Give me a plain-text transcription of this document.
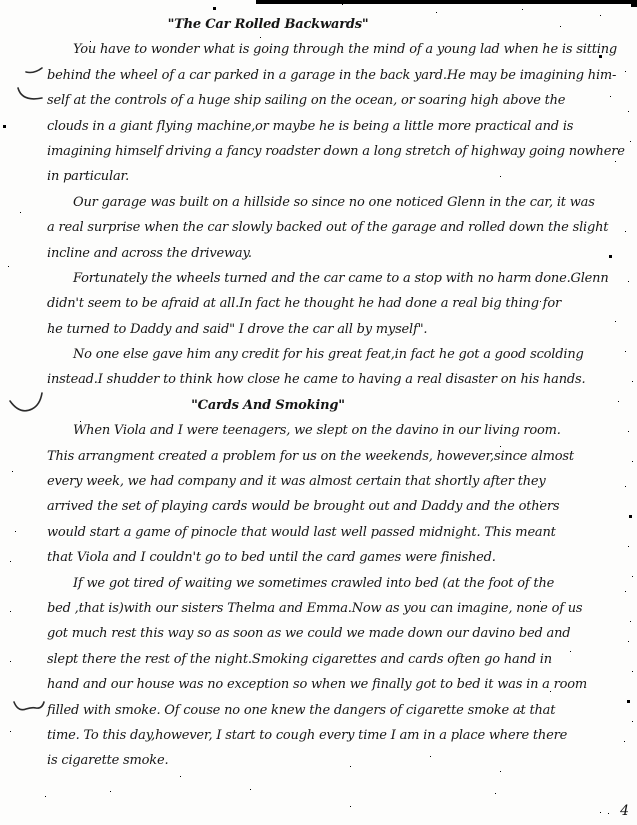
"The Car Rolled Backwards"
You have to wonder what is going through the mind of a young lad when he is sitting
behind the wheel of a car parked in a garage in the back yard.He may be imagining him-
self at the controls of a huge ship sailing on the ocean, or soaring high above the
clouds in a giant flying machine,or maybe he is being a little more practical and is
imagining himself driving a fancy roadster down a long stretch of highway going nowhere
in particular.
Our garage was built on a hillside so since no one noticed Glenn in the car, it was
a real surprise when the car slowly backed out of the garage and rolled down the slight
incline and across the driveway.
Fortunately the wheels turned and the car came to a stop with no harm done.Glenn
didn't seem to be afraid at all.In fact he thought he had done a real big thing for
he turned to Daddy and said" I drove the car all by myself".
No one else gave him any credit for his great feat,in fact he got a good scolding
instead.I shudder to think how close he came to having a real disaster on his hands.
"Cards And Smoking"
When Viola and I were teenagers, we slept on the davino in our living room.
This arrangment created a problem for us on the weekends, however,since almost
every week, we had company and it was almost certain that shortly after they
arrived the set of playing cards would be brought out and Daddy and the others
would start a game of pinocle that would last well passed midnight. This meant
that Viola and I couldn't go to bed until the card games were finished.
If we got tired of waiting we sometimes crawled into bed (at the foot of the
bed ,that is)with our sisters Thelma and Emma.Now as you can imagine, none of us
got much rest this way so as soon as we could we made down our davino bed and
slept there the rest of the night.Smoking cigarettes and cards often go hand in
hand and our house was no exception so when we finally got to bed it was in a room
filled with smoke. Of couse no one knew the dangers of cigarette smoke at that
time. To this day,however, I start to cough every time I am in a place where there
is cigarette smoke.
4
